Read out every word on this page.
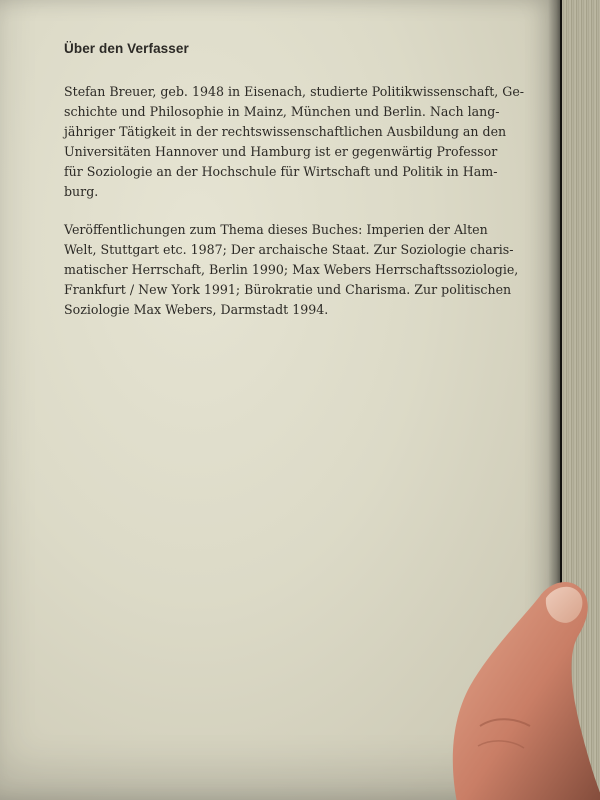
Über den Verfasser
Stefan Breuer, geb. 1948 in Eisenach, studierte Politikwissenschaft, Ge-
schichte und Philosophie in Mainz, München und Berlin. Nach lang-
jähriger Tätigkeit in der rechtswissenschaftlichen Ausbildung an den
Universitäten Hannover und Hamburg ist er gegenwärtig Professor
für Soziologie an der Hochschule für Wirtschaft und Politik in Ham-
burg.
Veröffentlichungen zum Thema dieses Buches: Imperien der Alten
Welt, Stuttgart etc. 1987; Der archaische Staat. Zur Soziologie charis-
matischer Herrschaft, Berlin 1990; Max Webers Herrschaftssoziologie,
Frankfurt / New York 1991; Bürokratie und Charisma. Zur politischen
Soziologie Max Webers, Darmstadt 1994.
